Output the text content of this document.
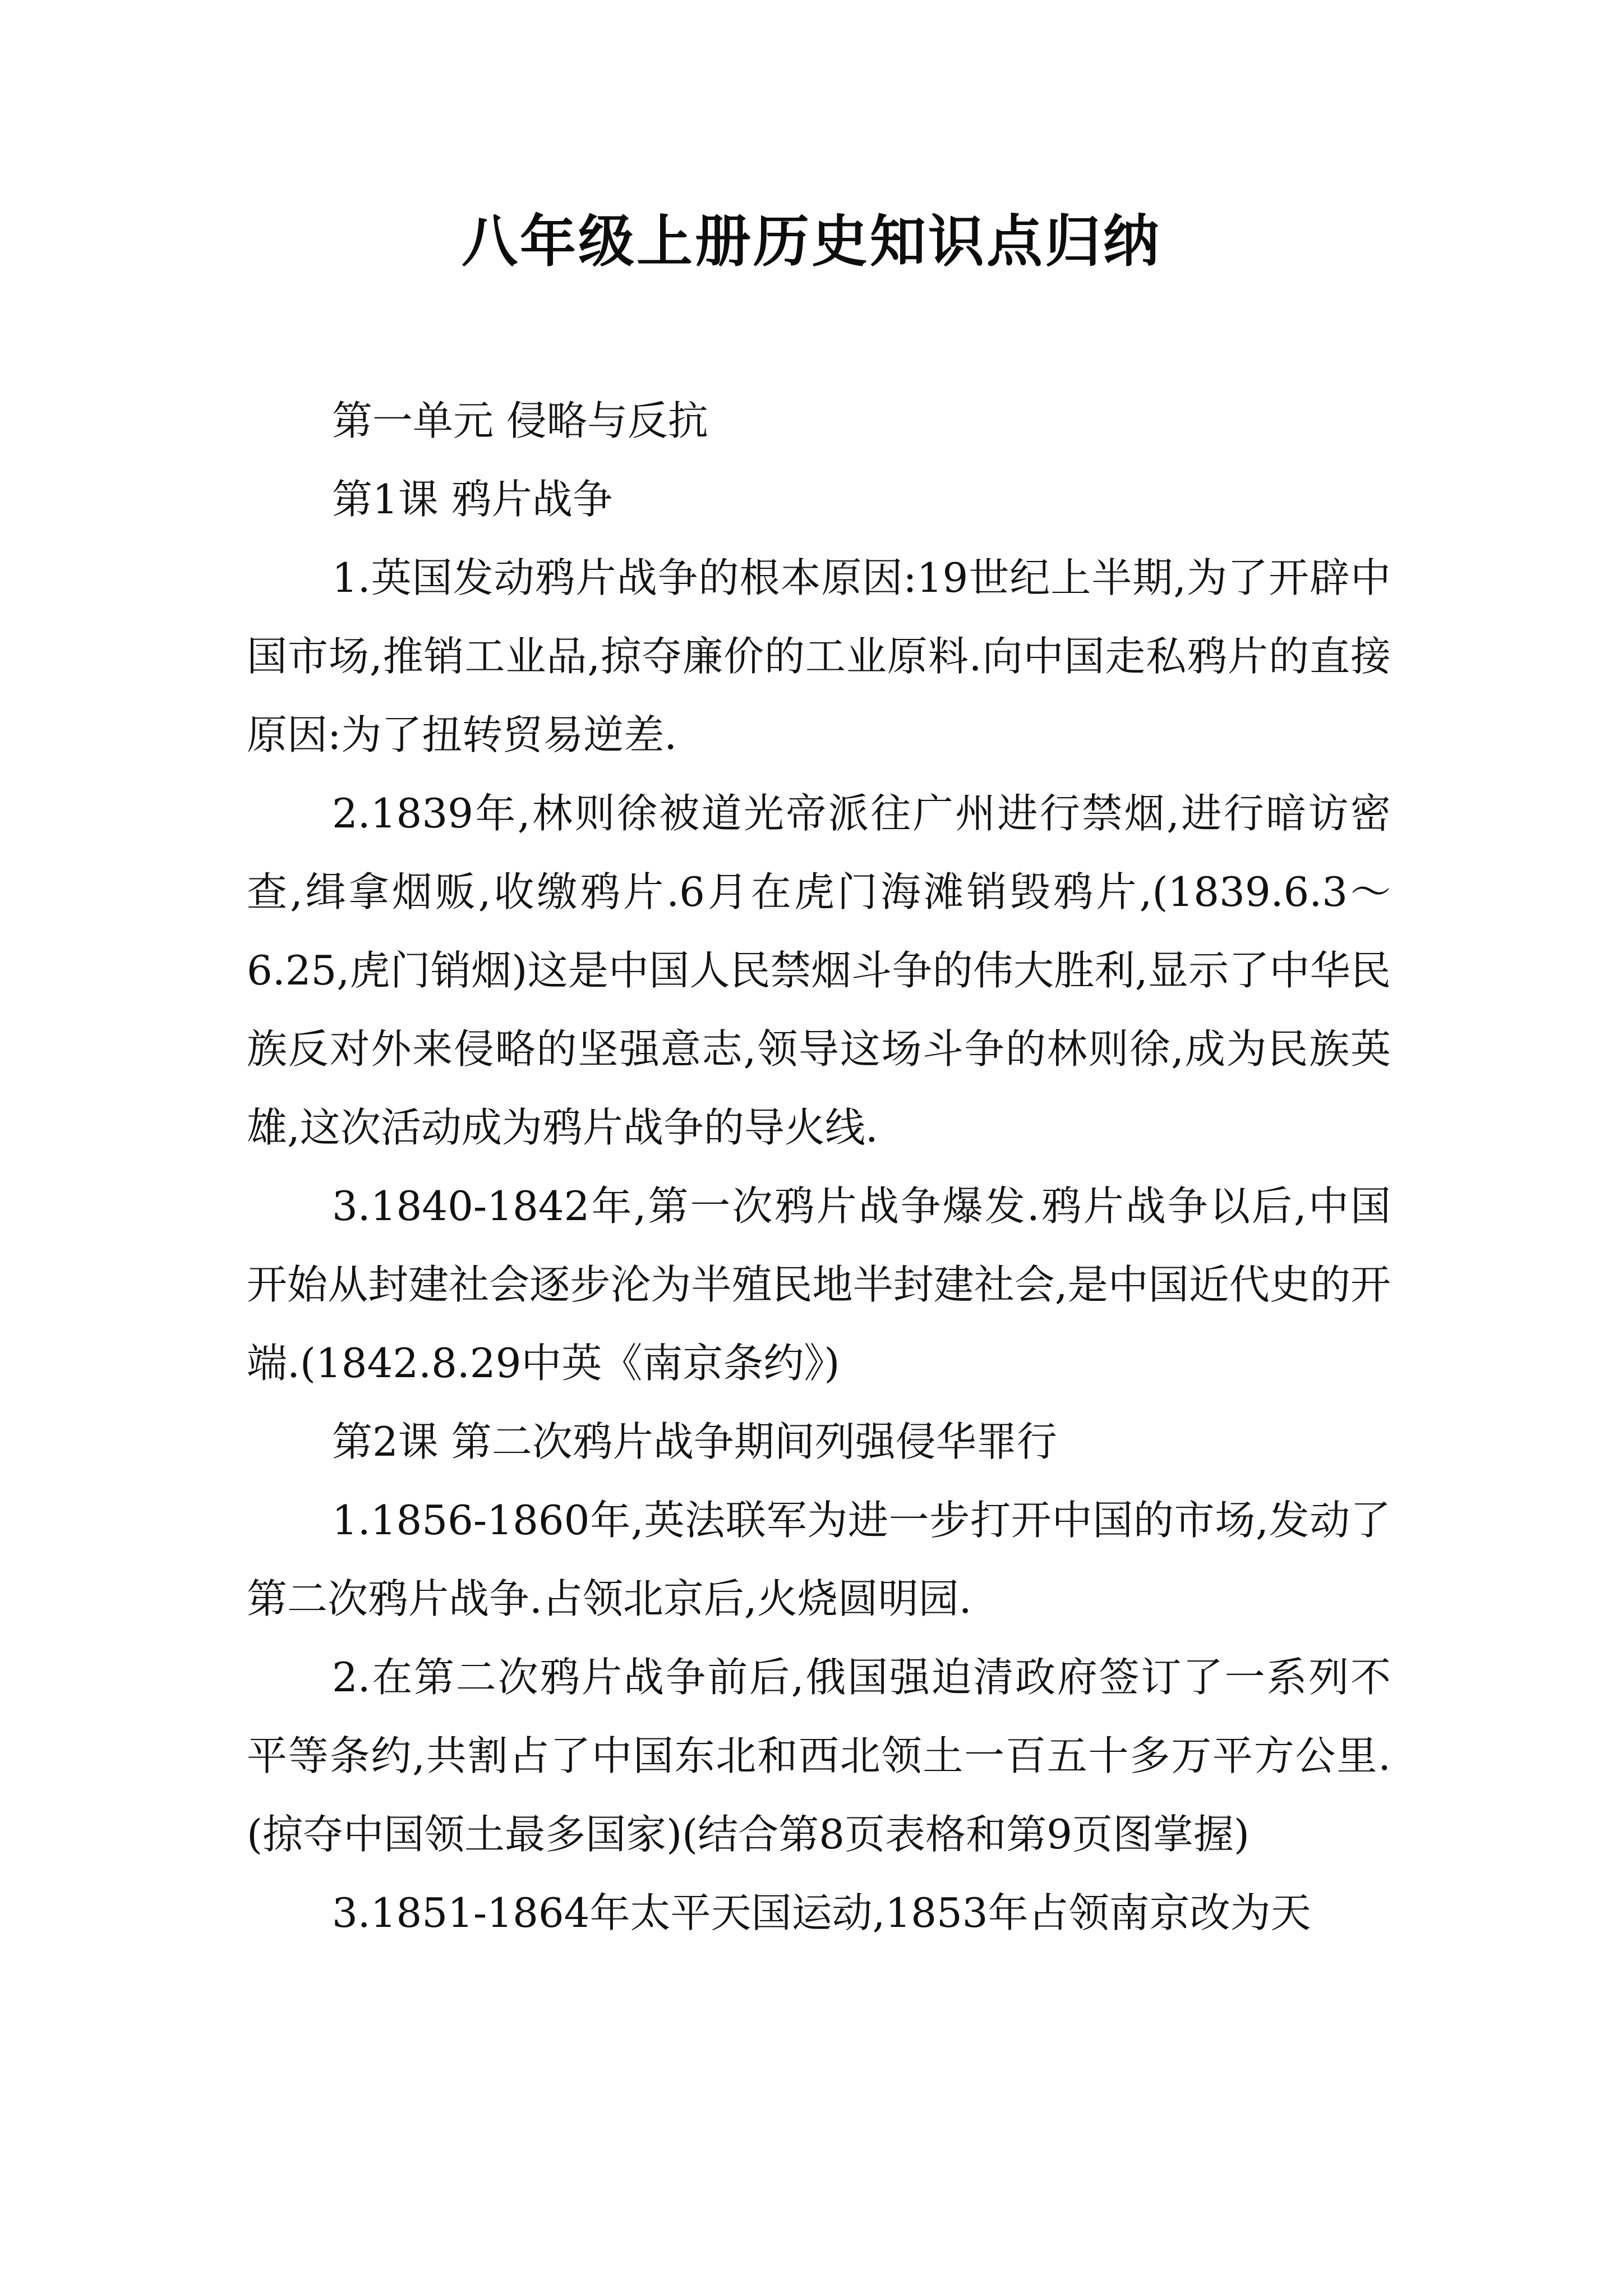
八年级上册历史知识点归纳

第一单元 侵略与反抗

第1课 鸦片战争

1.英国发动鸦片战争的根本原因:19世纪上半期,为了开辟中国市场,推销工业品,掠夺廉价的工业原料.向中国走私鸦片的直接原因:为了扭转贸易逆差.

2.1839年,林则徐被道光帝派往广州进行禁烟,进行暗访密查,缉拿烟贩,收缴鸦片.6月在虎门海滩销毁鸦片,(1839.6.3～6.25,虎门销烟)这是中国人民禁烟斗争的伟大胜利,显示了中华民族反对外来侵略的坚强意志,领导这场斗争的林则徐,成为民族英雄,这次活动成为鸦片战争的导火线.

3.1840-1842年,第一次鸦片战争爆发.鸦片战争以后,中国开始从封建社会逐步沦为半殖民地半封建社会,是中国近代史的开端.(1842.8.29中英《南京条约》)

第2课 第二次鸦片战争期间列强侵华罪行

1.1856-1860年,英法联军为进一步打开中国的市场,发动了第二次鸦片战争.占领北京后,火烧圆明园.

2.在第二次鸦片战争前后,俄国强迫清政府签订了一系列不平等条约,共割占了中国东北和西北领土一百五十多万平方公里.(掠夺中国领土最多国家)(结合第8页表格和第9页图掌握)

3.1851-1864年太平天国运动,1853年占领南京改为天
